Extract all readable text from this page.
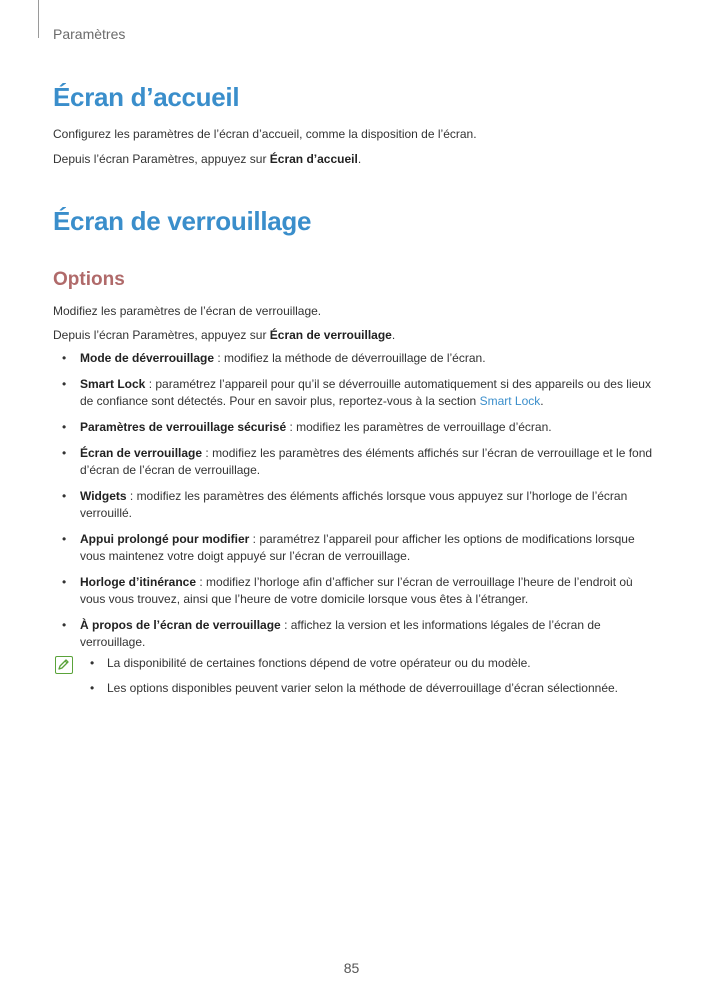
Paramètres
Écran d’accueil
Configurez les paramètres de l’écran d’accueil, comme la disposition de l’écran.
Depuis l’écran Paramètres, appuyez sur Écran d’accueil.
Écran de verrouillage
Options
Modifiez les paramètres de l’écran de verrouillage.
Depuis l’écran Paramètres, appuyez sur Écran de verrouillage.
• Mode de déverrouillage : modifiez la méthode de déverrouillage de l’écran.
• Smart Lock : paramétrez l’appareil pour qu’il se déverrouille automatiquement si des appareils ou des lieux de confiance sont détectés. Pour en savoir plus, reportez-vous à la section Smart Lock.
• Paramètres de verrouillage sécurisé : modifiez les paramètres de verrouillage d’écran.
• Écran de verrouillage : modifiez les paramètres des éléments affichés sur l’écran de verrouillage et le fond d’écran de l’écran de verrouillage.
• Widgets : modifiez les paramètres des éléments affichés lorsque vous appuyez sur l’horloge de l’écran verrouillé.
• Appui prolongé pour modifier : paramétrez l’appareil pour afficher les options de modifications lorsque vous maintenez votre doigt appuyé sur l’écran de verrouillage.
• Horloge d’itinérance : modifiez l’horloge afin d’afficher sur l’écran de verrouillage l’heure de l’endroit où vous vous trouvez, ainsi que l’heure de votre domicile lorsque vous êtes à l’étranger.
• À propos de l’écran de verrouillage : affichez la version et les informations légales de l’écran de verrouillage.
• La disponibilité de certaines fonctions dépend de votre opérateur ou du modèle.
• Les options disponibles peuvent varier selon la méthode de déverrouillage d’écran sélectionnée.
85
